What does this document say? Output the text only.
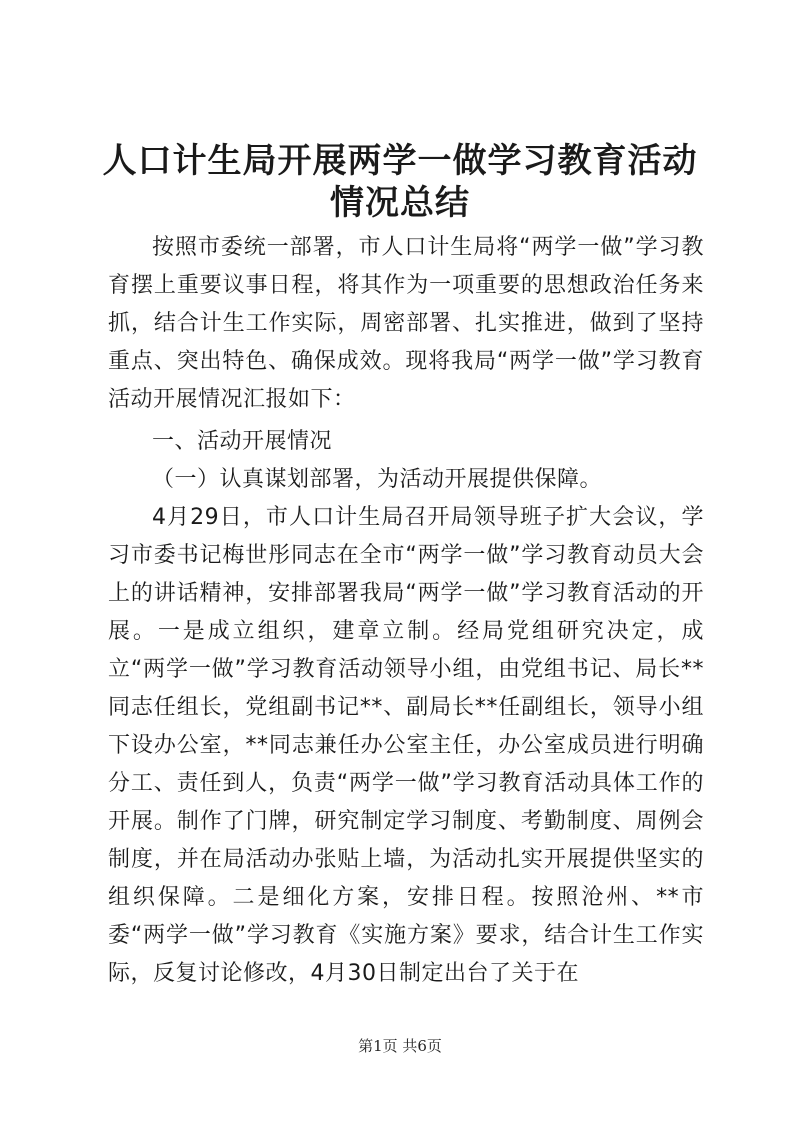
人口计生局开展两学一做学习教育活动情况总结

按照市委统一部署，市人口计生局将“两学一做”学习教育摆上重要议事日程，将其作为一项重要的思想政治任务来抓，结合计生工作实际，周密部署、扎实推进，做到了坚持重点、突出特色、确保成效。现将我局“两学一做”学习教育活动开展情况汇报如下：

一、活动开展情况

（一）认真谋划部署，为活动开展提供保障。

4月29日，市人口计生局召开局领导班子扩大会议，学习市委书记梅世彤同志在全市“两学一做”学习教育动员大会上的讲话精神，安排部署我局“两学一做”学习教育活动的开展。一是成立组织，建章立制。经局党组研究决定，成立“两学一做”学习教育活动领导小组，由党组书记、局长**同志任组长，党组副书记**、副局长**任副组长，领导小组下设办公室，**同志兼任办公室主任，办公室成员进行明确分工、责任到人，负责“两学一做”学习教育活动具体工作的开展。制作了门牌，研究制定学习制度、考勤制度、周例会制度，并在局活动办张贴上墙，为活动扎实开展提供坚实的组织保障。二是细化方案，安排日程。按照沧州、**市委“两学一做”学习教育《实施方案》要求，结合计生工作实际，反复讨论修改，4月30日制定出台了关于在

第1页 共6页
